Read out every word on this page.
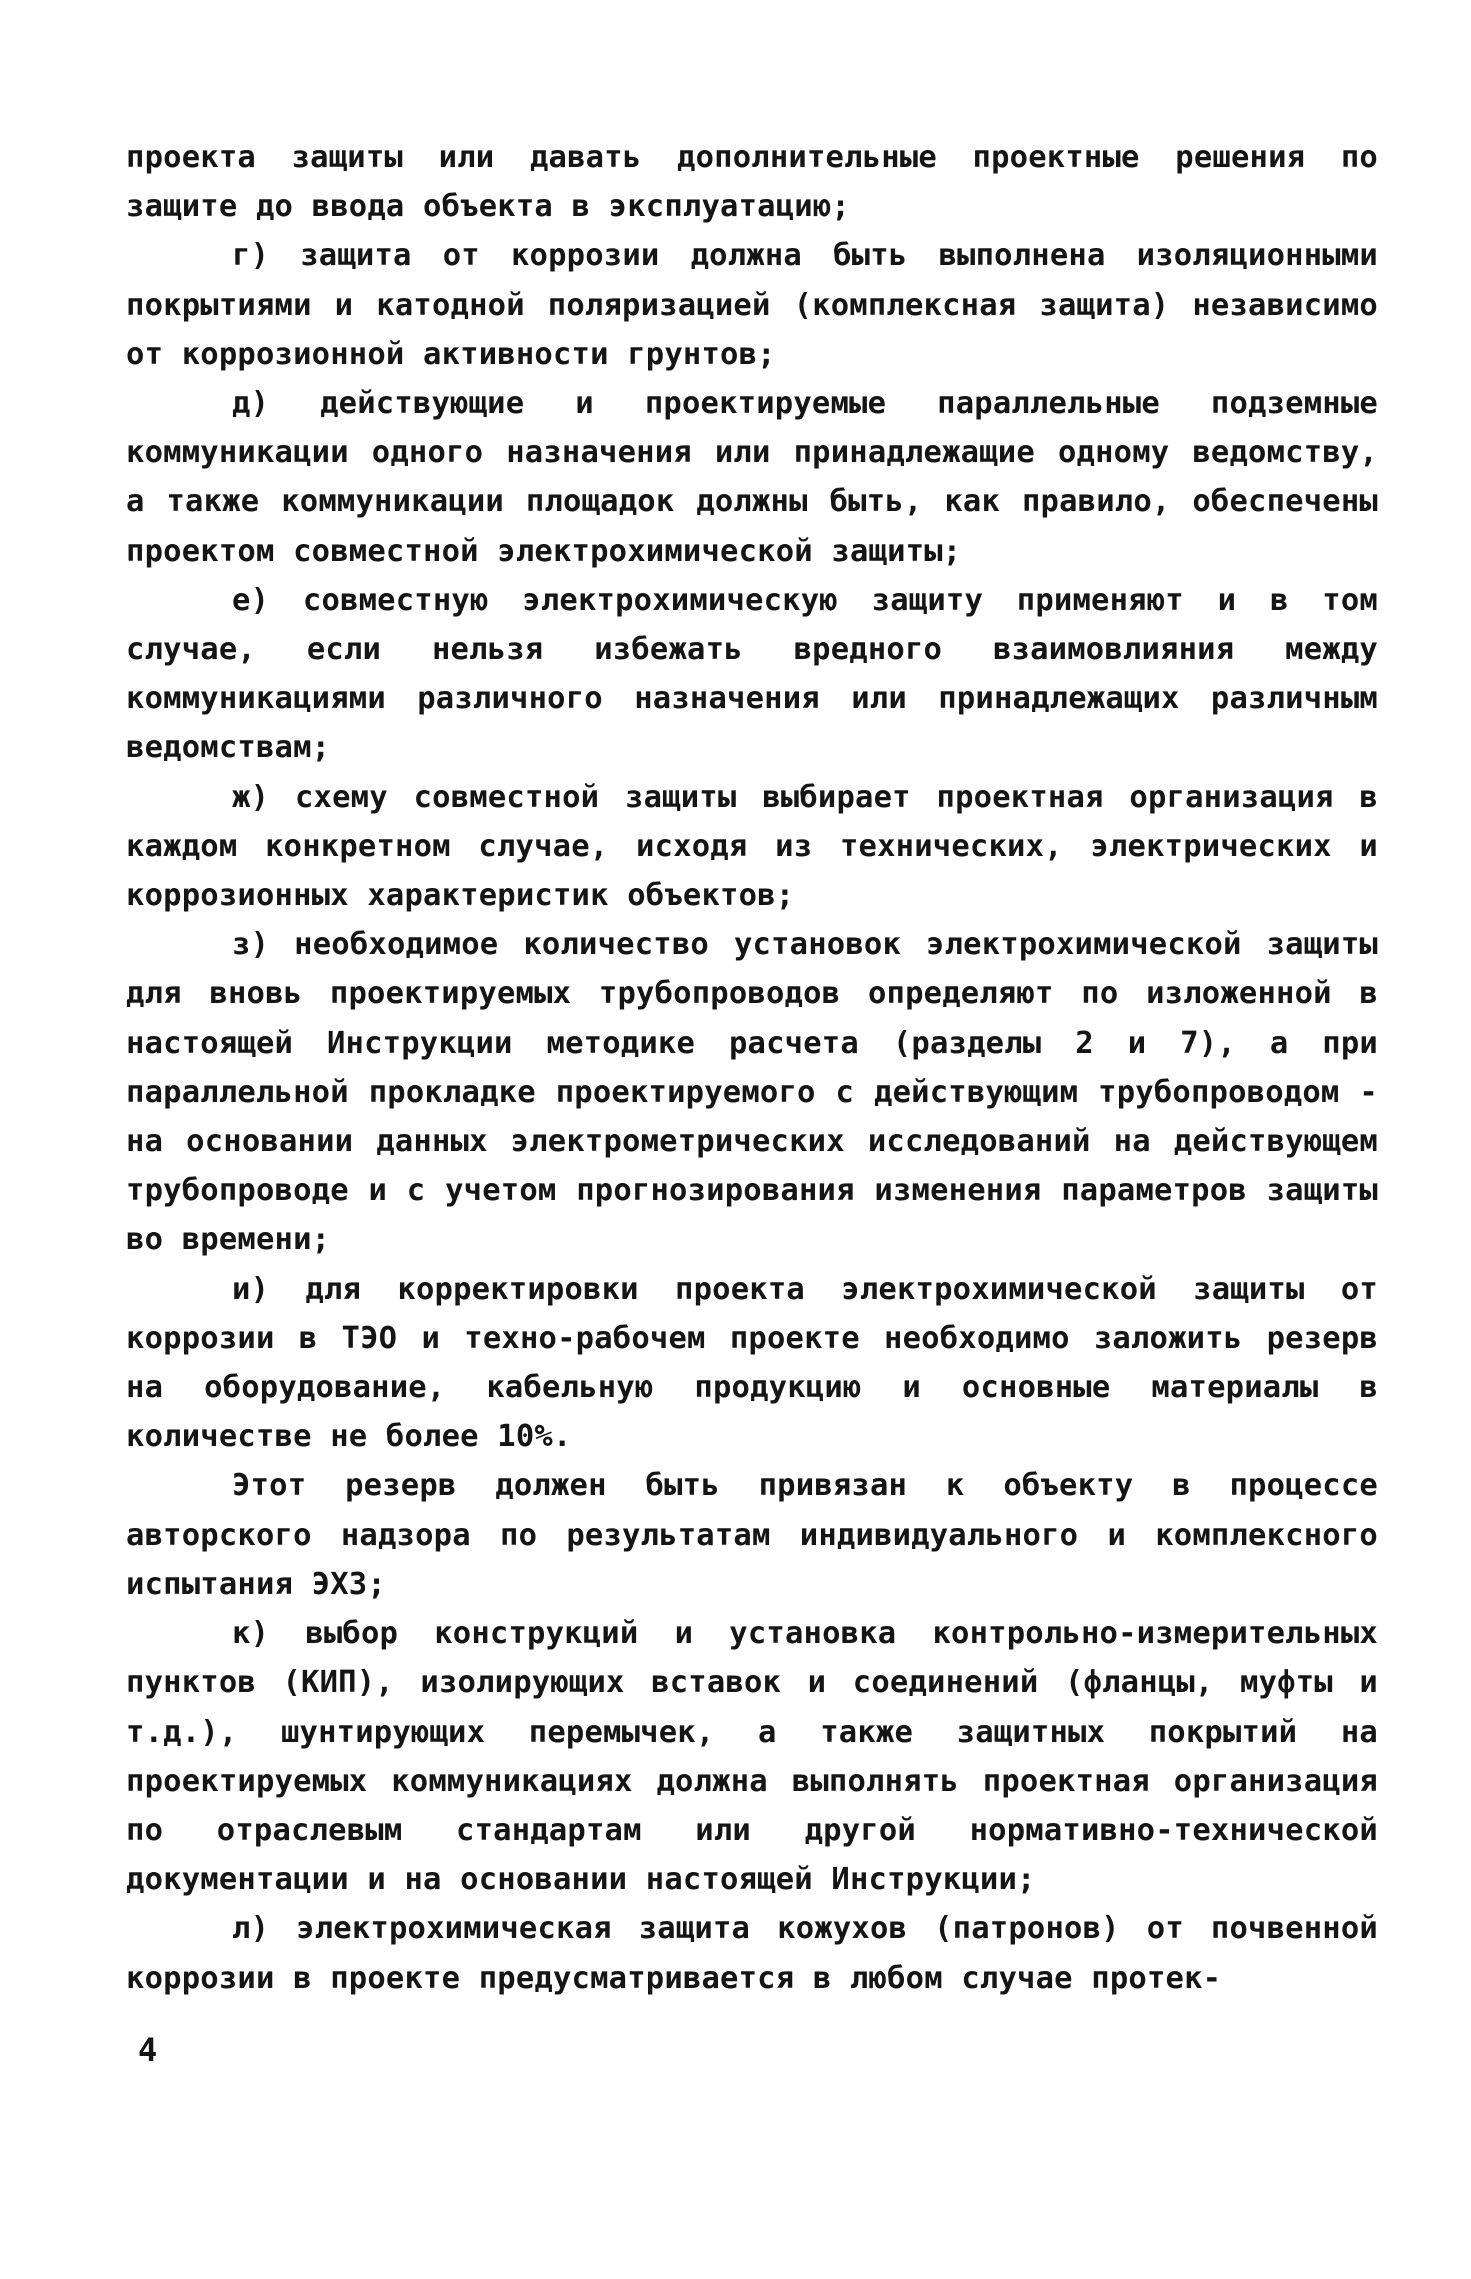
проекта защиты или давать дополнительные проектные решения по защите до ввода объекта в эксплуатацию;

г) защита от коррозии должна быть выполнена изоляционными покрытиями и катодной поляризацией (комплексная защита) независимо от коррозионной активности грунтов;

д) действующие и проектируемые параллельные подземные коммуникации одного назначения или принадлежащие одному ведомству, а также коммуникации площадок должны быть, как правило, обеспечены проектом совместной электрохимической защиты;

е) совместную электрохимическую защиту применяют и в том случае, если нельзя избежать вредного взаимовлияния между коммуникациями различного назначения или принадлежащих различным ведомствам;

ж) схему совместной защиты выбирает проектная организация в каждом конкретном случае, исходя из технических, электрических и коррозионных характеристик объектов;

з) необходимое количество установок электрохимической защиты для вновь проектируемых трубопроводов определяют по изложенной в настоящей Инструкции методике расчета (разделы 2 и 7), а при параллельной прокладке проектируемого с действующим трубопроводом - на основании данных электрометрических исследований на действующем трубопроводе и с учетом прогнозирования изменения параметров защиты во времени;

и) для корректировки проекта электрохимической защиты от коррозии в ТЭО и техно-рабочем проекте необходимо заложить резерв на оборудование, кабельную продукцию и основные материалы в количестве не более 10%.

Этот резерв должен быть привязан к объекту в процессе авторского надзора по результатам индивидуального и комплексного испытания ЭХЗ;

к) выбор конструкций и установка контрольно-измерительных пунктов (КИП), изолирующих вставок и соединений (фланцы, муфты и т.д.), шунтирующих перемычек, а также защитных покрытий на проектируемых коммуникациях должна выполнять проектная организация по отраслевым стандартам или другой нормативно-технической документации и на основании настоящей Инструкции;

л) электрохимическая защита кожухов (патронов) от почвенной коррозии в проекте предусматривается в любом случае протек-

4
